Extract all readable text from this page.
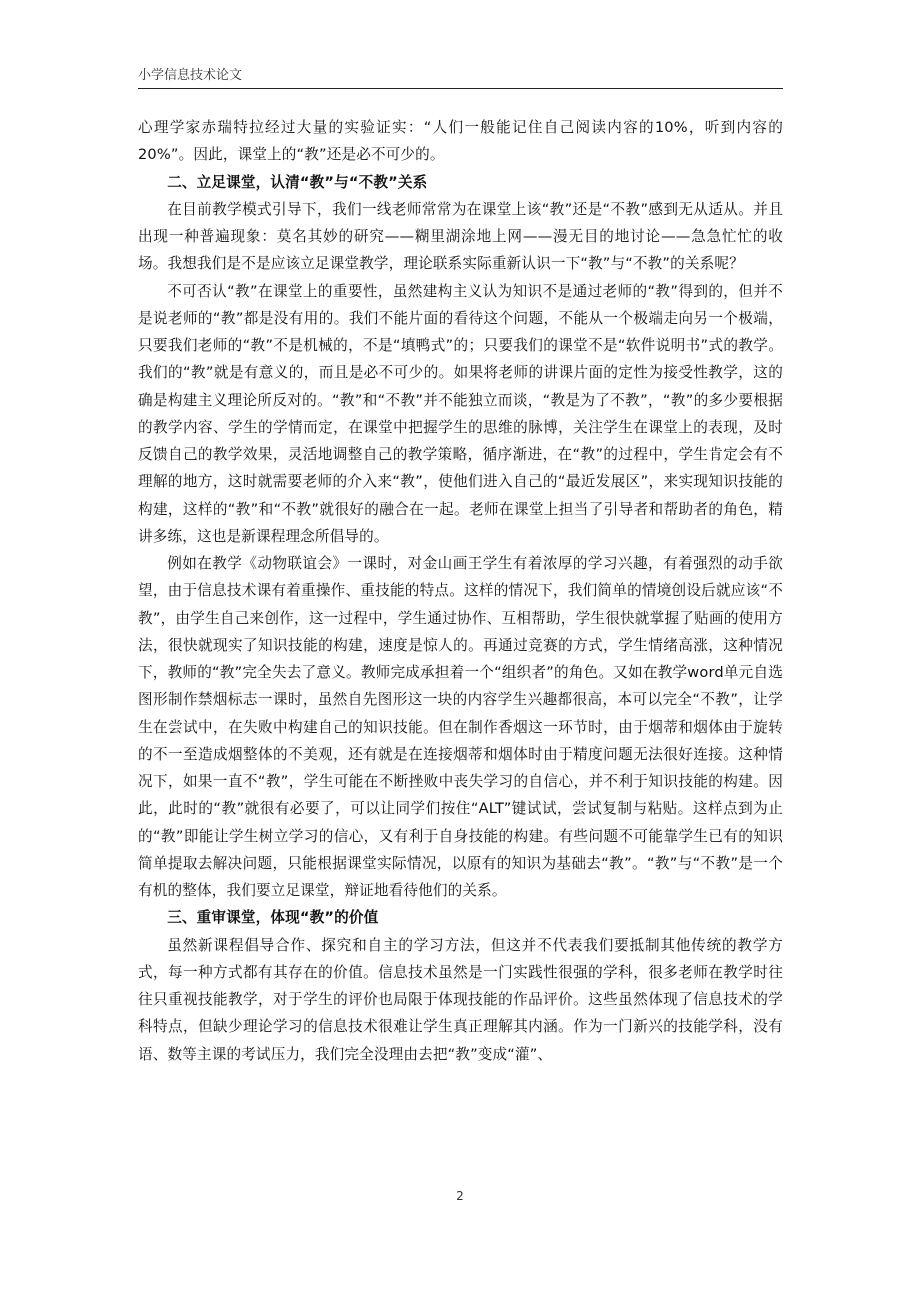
小学信息技术论文

心理学家赤瑞特拉经过大量的实验证实：“人们一般能记住自己阅读内容的10%，听到内容的20%”。因此，课堂上的“教”还是必不可少的。

二、立足课堂，认清“教”与“不教”关系

在目前教学模式引导下，我们一线老师常常为在课堂上该“教”还是“不教”感到无从适从。并且出现一种普遍现象：莫名其妙的研究——糊里湖涂地上网——漫无目的地讨论——急急忙忙的收场。我想我们是不是应该立足课堂教学，理论联系实际重新认识一下“教”与“不教”的关系呢？

不可否认“教”在课堂上的重要性，虽然建构主义认为知识不是通过老师的“教”得到的，但并不是说老师的“教”都是没有用的。我们不能片面的看待这个问题，不能从一个极端走向另一个极端，只要我们老师的“教”不是机械的，不是“填鸭式”的；只要我们的课堂不是“软件说明书”式的教学。我们的“教”就是有意义的，而且是必不可少的。如果将老师的讲课片面的定性为接受性教学，这的确是构建主义理论所反对的。“教”和“不教”并不能独立而谈，“教是为了不教”，“教”的多少要根据的教学内容、学生的学情而定，在课堂中把握学生的思维的脉博，关注学生在课堂上的表现，及时反馈自己的教学效果，灵活地调整自己的教学策略，循序渐进，在“教”的过程中，学生肯定会有不理解的地方，这时就需要老师的介入来“教”，使他们进入自己的“最近发展区”，来实现知识技能的构建，这样的“教”和“不教”就很好的融合在一起。老师在课堂上担当了引导者和帮助者的角色，精讲多练，这也是新课程理念所倡导的。

例如在教学《动物联谊会》一课时，对金山画王学生有着浓厚的学习兴趣，有着强烈的动手欲望，由于信息技术课有着重操作、重技能的特点。这样的情况下，我们简单的情境创设后就应该“不教”，由学生自己来创作，这一过程中，学生通过协作、互相帮助，学生很快就掌握了贴画的使用方法，很快就现实了知识技能的构建，速度是惊人的。再通过竞赛的方式，学生情绪高涨，这种情况下，教师的“教”完全失去了意义。教师完成承担着一个“组织者”的角色。又如在教学word单元自选图形制作禁烟标志一课时，虽然自先图形这一块的内容学生兴趣都很高，本可以完全“不教”，让学生在尝试中，在失败中构建自己的知识技能。但在制作香烟这一环节时，由于烟蒂和烟体由于旋转的不一至造成烟整体的不美观，还有就是在连接烟蒂和烟体时由于精度问题无法很好连接。这种情况下，如果一直不“教”，学生可能在不断挫败中丧失学习的自信心，并不利于知识技能的构建。因此，此时的“教”就很有必要了，可以让同学们按住“ALT”键试试，尝试复制与粘贴。这样点到为止的“教”即能让学生树立学习的信心，又有利于自身技能的构建。有些问题不可能靠学生已有的知识简单提取去解决问题，只能根据课堂实际情况，以原有的知识为基础去“教”。“教”与“不教”是一个有机的整体，我们要立足课堂，辩证地看待他们的关系。

三、重审课堂，体现“教”的价值

虽然新课程倡导合作、探究和自主的学习方法，但这并不代表我们要抵制其他传统的教学方式，每一种方式都有其存在的价值。信息技术虽然是一门实践性很强的学科，很多老师在教学时往往只重视技能教学，对于学生的评价也局限于体现技能的作品评价。这些虽然体现了信息技术的学科特点，但缺少理论学习的信息技术很难让学生真正理解其内涵。作为一门新兴的技能学科，没有语、数等主课的考试压力，我们完全没理由去把“教”变成“灌”、

2
